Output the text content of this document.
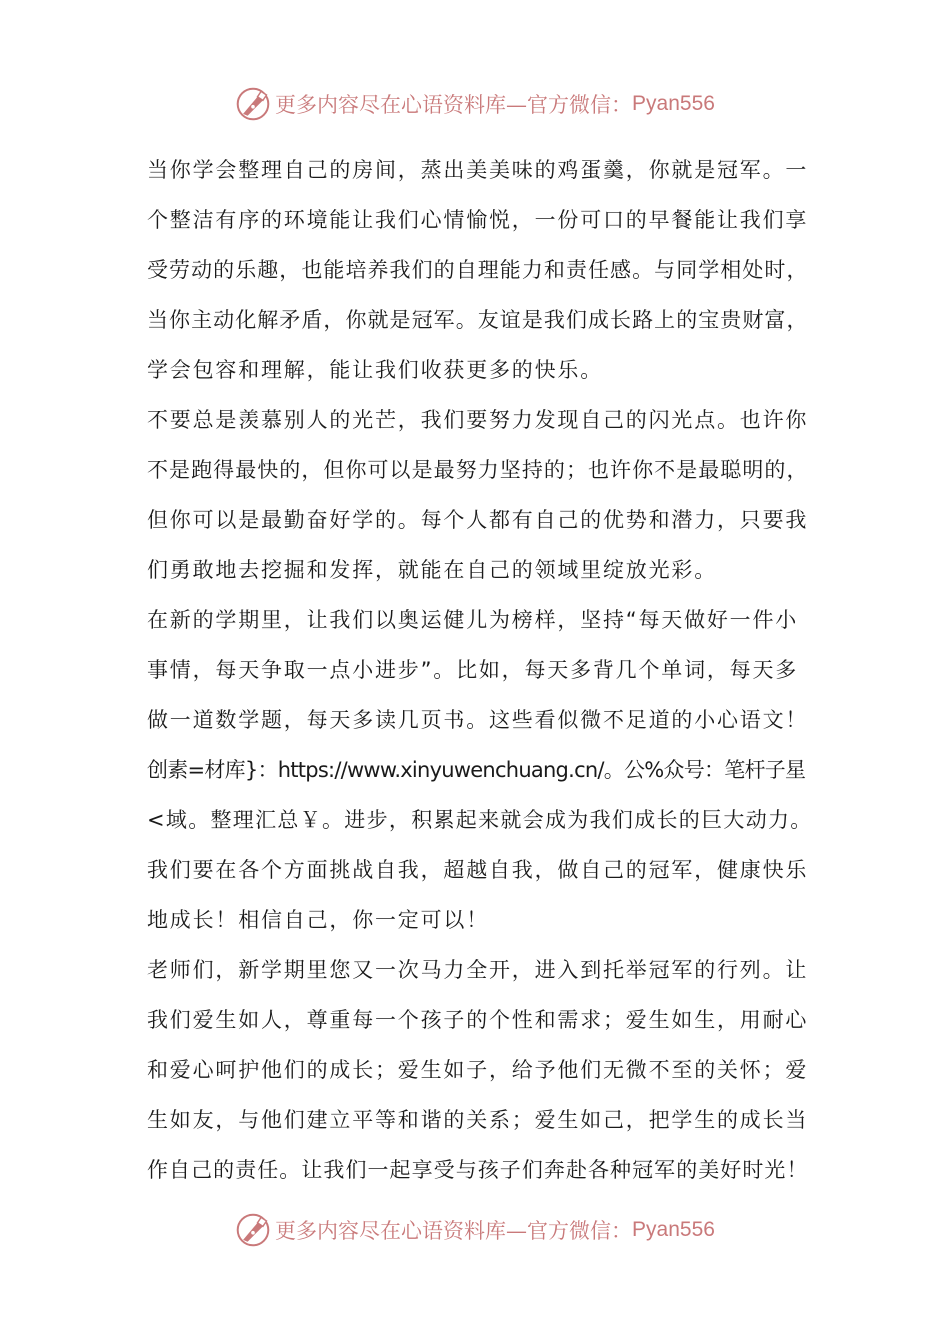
更多内容尽在心语资料库—官方微信： Pyan556
当你学会整理自己的房间，蒸出美美味的鸡蛋羹，你就是冠军。一
个整洁有序的环境能让我们心情愉悦，一份可口的早餐能让我们享
受劳动的乐趣，也能培养我们的自理能力和责任感。与同学相处时，
当你主动化解矛盾，你就是冠军。友谊是我们成长路上的宝贵财富，
学会包容和理解，能让我们收获更多的快乐。
不要总是羡慕别人的光芒，我们要努力发现自己的闪光点。也许你
不是跑得最快的，但你可以是最努力坚持的；也许你不是最聪明的，
但你可以是最勤奋好学的。每个人都有自己的优势和潜力，只要我
们勇敢地去挖掘和发挥，就能在自己的领域里绽放光彩。
在新的学期里，让我们以奥运健儿为榜样，坚持“每天做好一件小
事情，每天争取一点小进步”。比如，每天多背几个单词，每天多
做一道数学题，每天多读几页书。这些看似微不足道的小心语文！
创素=材库}：https://www.xinyuwenchuang.cn/。公%众号：笔杆子星
<域。整理汇总￥。进步，积累起来就会成为我们成长的巨大动力。
我们要在各个方面挑战自我，超越自我，做自己的冠军，健康快乐
地成长！相信自己，你一定可以！
老师们，新学期里您又一次马力全开，进入到托举冠军的行列。让
我们爱生如人，尊重每一个孩子的个性和需求；爱生如生，用耐心
和爱心呵护他们的成长；爱生如子，给予他们无微不至的关怀；爱
生如友，与他们建立平等和谐的关系；爱生如己，把学生的成长当
作自己的责任。让我们一起享受与孩子们奔赴各种冠军的美好时光！
更多内容尽在心语资料库—官方微信： Pyan556
